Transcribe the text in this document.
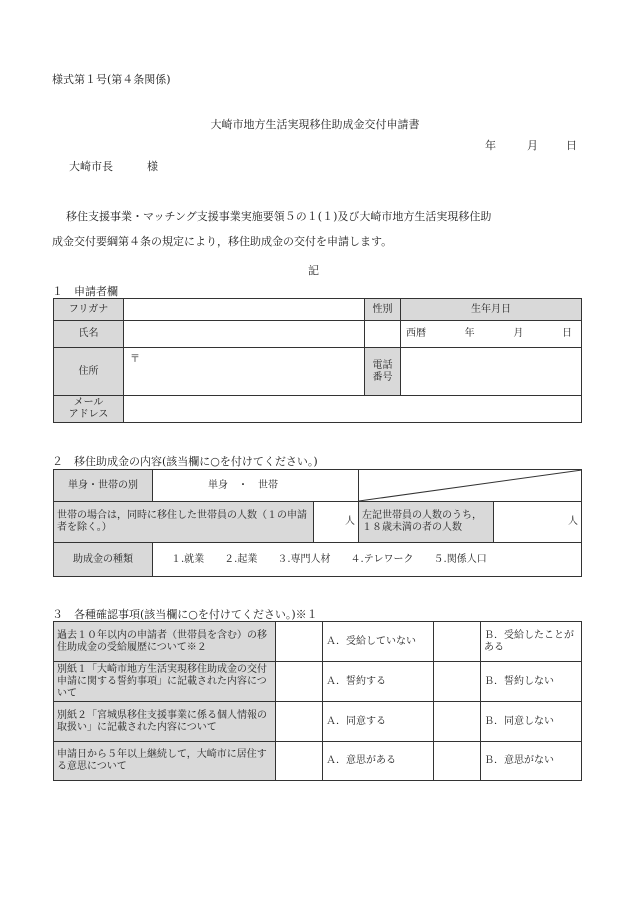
様式第１号(第４条関係)
大崎市地方生活実現移住助成金交付申請書
年	月	日
大崎市長	様
移住支援事業・マッチング支援事業実施要領５の１(１)及び大崎市地方生活実現移住助
成金交付要綱第４条の規定により，移住助成金の交付を申請します。
記
１　申請者欄
フリガナ		性別	生年月日
氏名			西暦 年 月 日

住所	〒	電話
番号	

メール
アドレス			

２　移住助成金の内容(該当欄に○を付けてください。)
単身・世帯の別	単身　・　世帯	

世帯の場合は，同時に移住した世帯員の人数（１の申請者を除く。）		人	左記世帯員の人数のうち，１８歳未満の者の人数	人
助成金の種類	１.就業　　２.起業　　３.専門人材　　４.テレワーク　　５.関係人口			
３　各種確認事項(該当欄に○を付けてください。)※１
過去１０年以内の申請者（世帯員を含む）の移住助成金の受給履歴について※２		Ａ．受給していない		Ｂ．受給したことがある
別紙１「大崎市地方生活実現移住助成金の交付申請に関する誓約事項」に記載された内容について		Ａ．誓約する		Ｂ．誓約しない
別紙２「宮城県移住支援事業に係る個人情報の取扱い」に記載された内容について		Ａ．同意する		Ｂ．同意しない
申請日から５年以上継続して，大崎市に居住する意思について		Ａ．意思がある		Ｂ．意思がない
